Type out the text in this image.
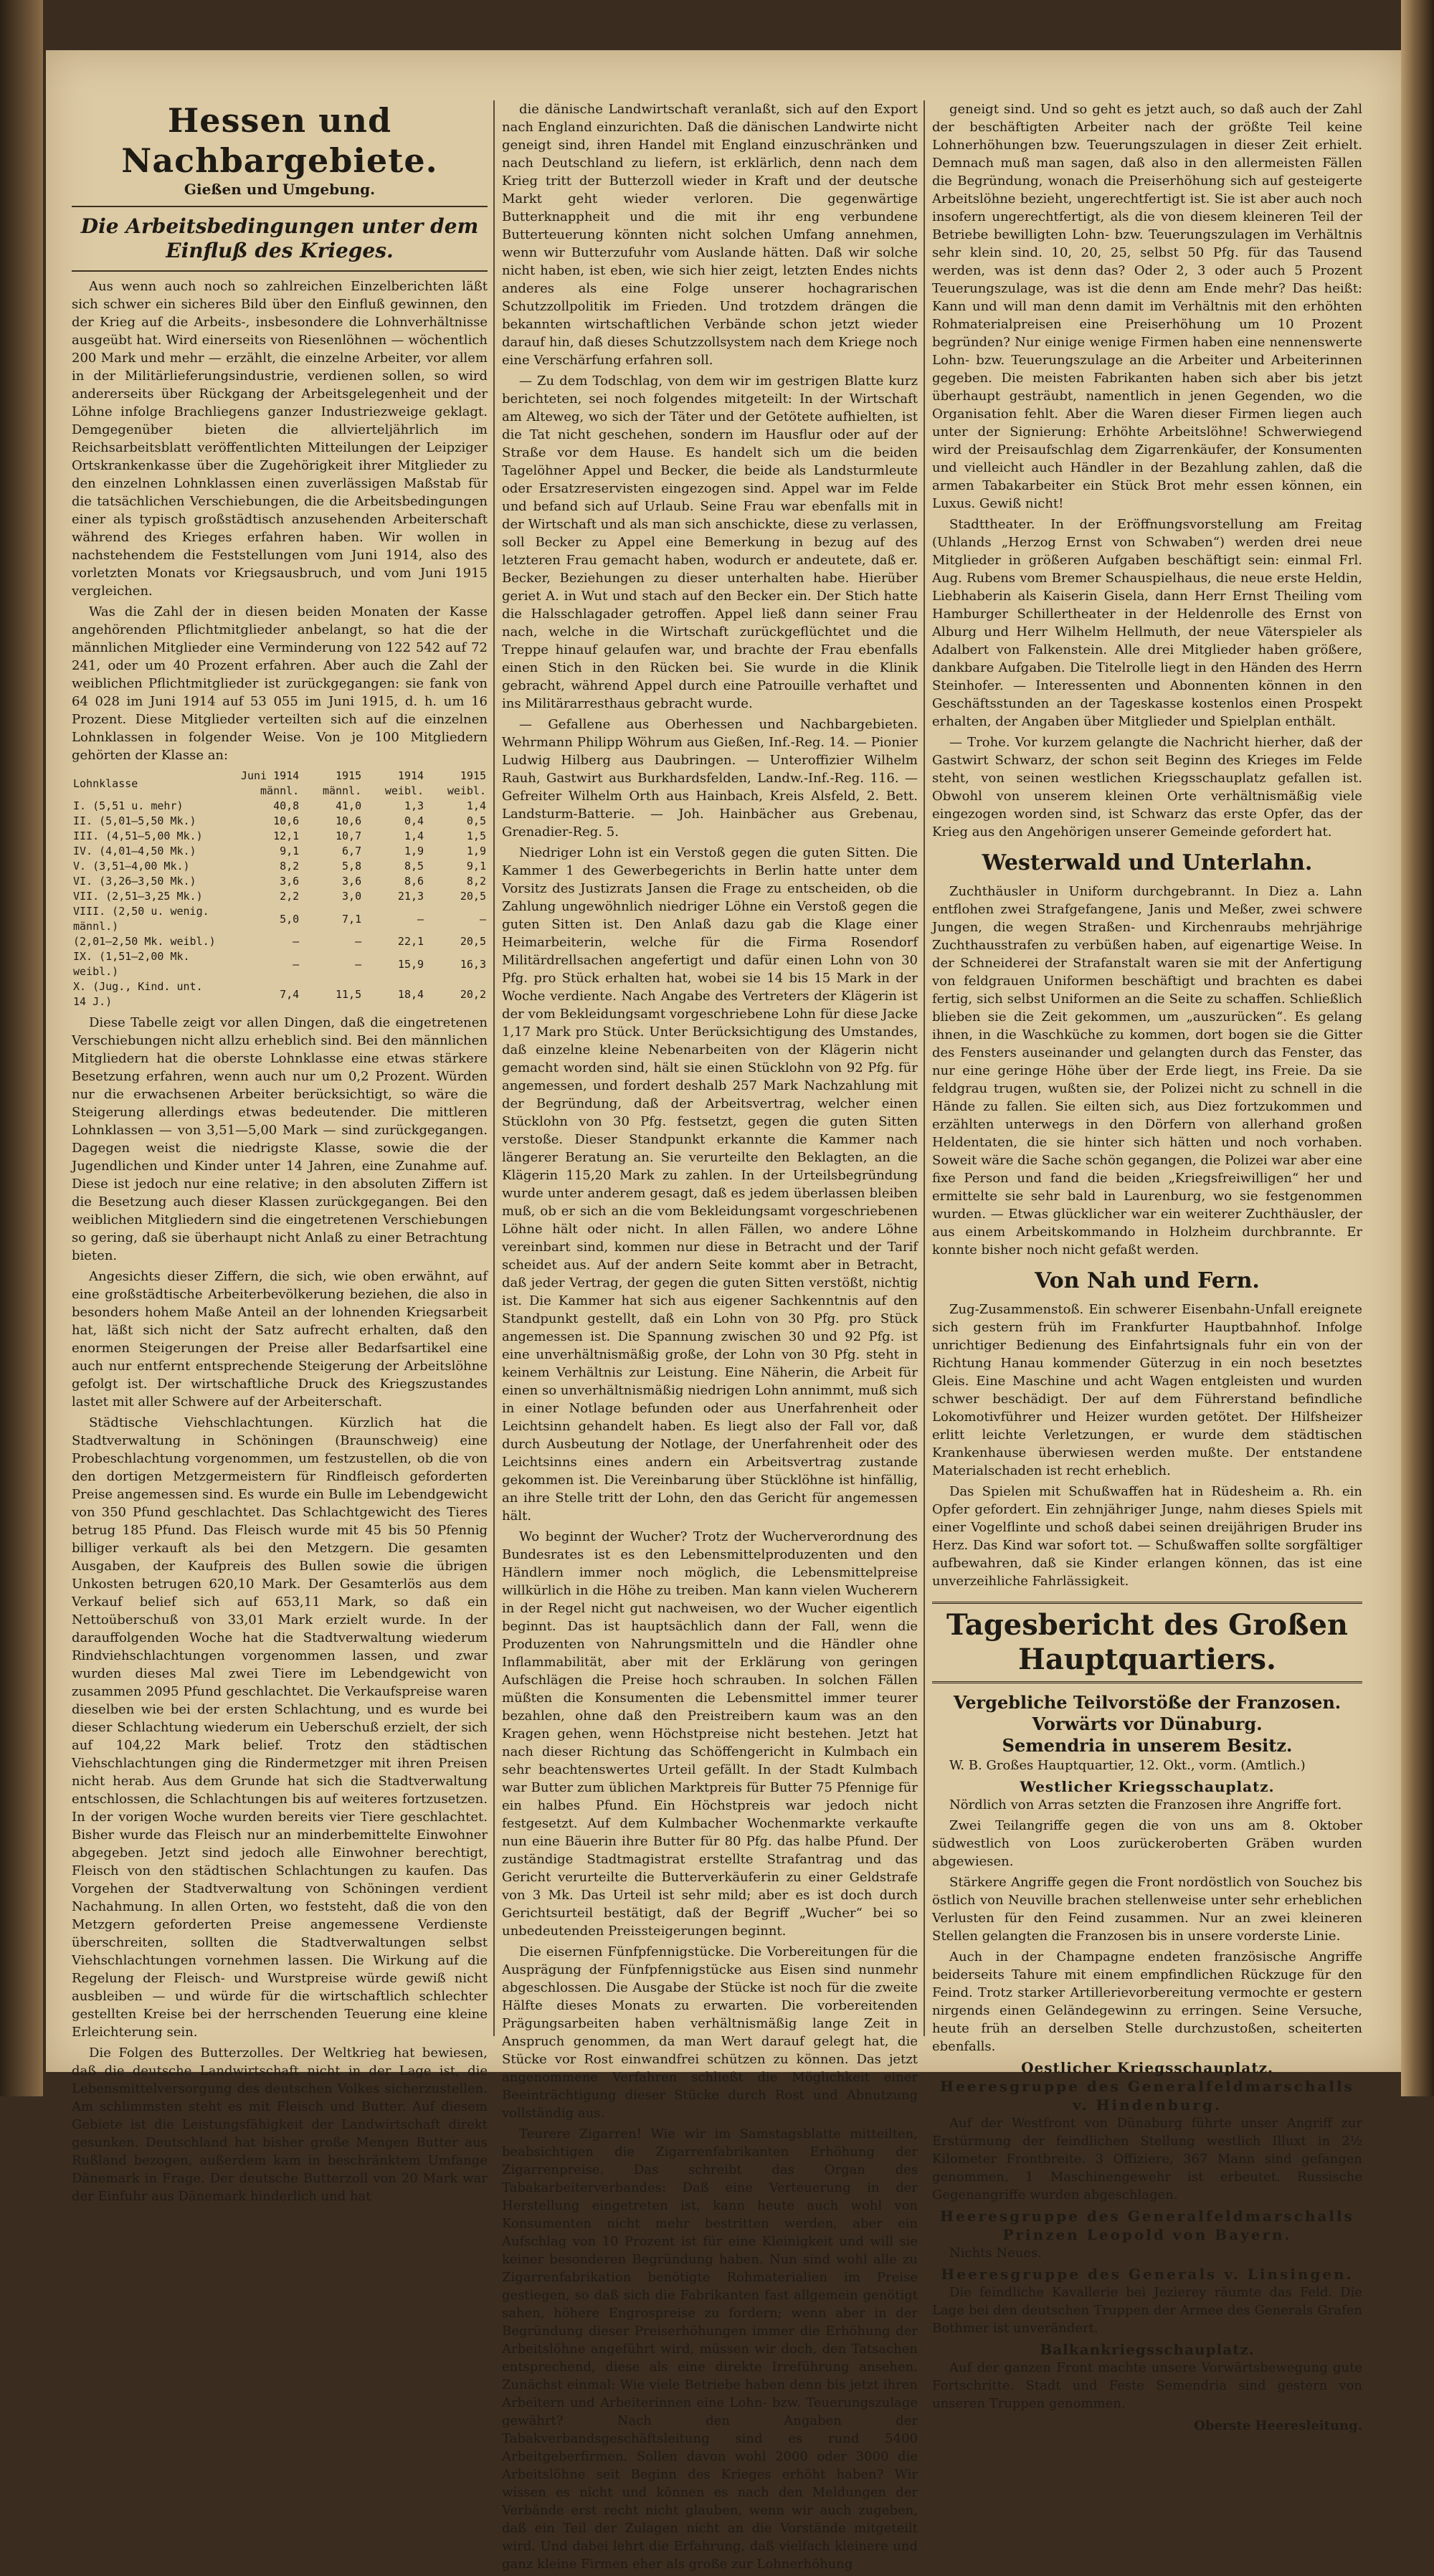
Hessen und Nachbargebiete.
Gießen und Umgebung.
Die Arbeitsbedingungen unter dem Einfluß des Krieges.

Aus wenn auch noch so zahlreichen Einzelberichten läßt sich schwer ein sicheres Bild über den Einfluß gewinnen, den der Krieg auf die Arbeits-, insbesondere die Lohnverhältnisse ausgeübt hat. Wird einerseits von Riesenlöhnen — wöchentlich 200 Mark und mehr — erzählt, die einzelne Arbeiter, vor allem in der Militärlieferungsindustrie, verdienen sollen, so wird andererseits über Rückgang der Arbeitsgelegenheit und der Löhne infolge Brachliegens ganzer Industriezweige geklagt. Demgegenüber bieten die allvierteljährlich im Reichsarbeitsblatt veröffentlichten Mitteilungen der Leipziger Ortskrankenkasse über die Zugehörigkeit ihrer Mitglieder zu den einzelnen Lohnklassen einen zuverlässigen Maßstab für die tatsächlichen Verschiebungen, die die Arbeitsbedingungen einer als typisch großstädtisch anzusehenden Arbeiterschaft während des Krieges erfahren haben. Wir wollen in nachstehendem die Feststellungen vom Juni 1914, also des vorletzten Monats vor Kriegsausbruch, und vom Juni 1915 vergleichen.

Was die Zahl der in diesen beiden Monaten der Kasse angehörenden Pflichtmitglieder anbelangt, so hat die der männlichen Mitglieder eine Verminderung von 122 542 auf 72 241, oder um 40 Prozent erfahren. Aber auch die Zahl der weiblichen Pflichtmitglieder ist zurückgegangen: sie fank von 64 028 im Juni 1914 auf 53 055 im Juni 1915, d. h. um 16 Prozent. Diese Mitglieder verteilten sich auf die einzelnen Lohnklassen in folgender Weise. Von je 100 Mitgliedern gehörten der Klasse an:

Lohnklasse	Juni 1914 männl.	1915 männl.	1914 weibl.	1915 weibl.
I. (5,51 u. mehr)	40,8	41,0	1,3	1,4
II. (5,01—5,50 Mk.)	10,6	10,6	0,4	0,5
III. (4,51—5,00 Mk.)	12,1	10,7	1,4	1,5
IV. (4,01—4,50 Mk.)	9,1	6,7	1,9	1,9
V. (3,51—4,00 Mk.)	8,2	5,8	8,5	9,1
VI. (3,26—3,50 Mk.)	3,6	3,6	8,6	8,2
VII. (2,51—3,25 Mk.)	2,2	3,0	21,3	20,5
VIII. (2,50 u. wenig. männl.)	5,0	7,1	—	—
(2,01—2,50 Mk. weibl.)	—	—	22,1	20,5
IX. (1,51—2,00 Mk. weibl.)	—	—	15,9	16,3
X. (Jug., Kind. unt. 14 J.)	7,4	11,5	18,4	20,2

Diese Tabelle zeigt vor allen Dingen, daß die eingetretenen Verschiebungen nicht allzu erheblich sind. Bei den männlichen Mitgliedern hat die oberste Lohnklasse eine etwas stärkere Besetzung erfahren, wenn auch nur um 0,2 Prozent. Würden nur die erwachsenen Arbeiter berücksichtigt, so wäre die Steigerung allerdings etwas bedeutender. Die mittleren Lohnklassen — von 3,51—5,00 Mark — sind zurückgegangen. Dagegen weist die niedrigste Klasse, sowie die der Jugendlichen und Kinder unter 14 Jahren, eine Zunahme auf. Diese ist jedoch nur eine relative; in den absoluten Ziffern ist die Besetzung auch dieser Klassen zurückgegangen. Bei den weiblichen Mitgliedern sind die eingetretenen Verschiebungen so gering, daß sie überhaupt nicht Anlaß zu einer Betrachtung bieten.

Angesichts dieser Ziffern, die sich, wie oben erwähnt, auf eine großstädtische Arbeiterbevölkerung beziehen, die also in besonders hohem Maße Anteil an der lohnenden Kriegsarbeit hat, läßt sich nicht der Satz aufrecht erhalten, daß den enormen Steigerungen der Preise aller Bedarfsartikel eine auch nur entfernt entsprechende Steigerung der Arbeitslöhne gefolgt ist. Der wirtschaftliche Druck des Kriegszustandes lastet mit aller Schwere auf der Arbeiterschaft.

Städtische Viehschlachtungen. Kürzlich hat die Stadtverwaltung in Schöningen (Braunschweig) eine Probeschlachtung vorgenommen, um festzustellen, ob die von den dortigen Metzgermeistern für Rindfleisch geforderten Preise angemessen sind. Es wurde ein Bulle im Lebendgewicht von 350 Pfund geschlachtet. Das Schlachtgewicht des Tieres betrug 185 Pfund. Das Fleisch wurde mit 45 bis 50 Pfennig billiger verkauft als bei den Metzgern. Die gesamten Ausgaben, der Kaufpreis des Bullen sowie die übrigen Unkosten betrugen 620,10 Mark. Der Gesamterlös aus dem Verkauf belief sich auf 653,11 Mark, so daß ein Nettoüberschuß von 33,01 Mark erzielt wurde. In der darauffolgenden Woche hat die Stadtverwaltung wiederum Rindviehschlachtungen vorgenommen lassen, und zwar wurden dieses Mal zwei Tiere im Lebendgewicht von zusammen 2095 Pfund geschlachtet. Die Verkaufspreise waren dieselben wie bei der ersten Schlachtung, und es wurde bei dieser Schlachtung wiederum ein Ueberschuß erzielt, der sich auf 104,22 Mark belief. Trotz den städtischen Viehschlachtungen ging die Rindermetzger mit ihren Preisen nicht herab. Aus dem Grunde hat sich die Stadtverwaltung entschlossen, die Schlachtungen bis auf weiteres fortzusetzen. In der vorigen Woche wurden bereits vier Tiere geschlachtet. Bisher wurde das Fleisch nur an minderbemittelte Einwohner abgegeben. Jetzt sind jedoch alle Einwohner berechtigt, Fleisch von den städtischen Schlachtungen zu kaufen. Das Vorgehen der Stadtverwaltung von Schöningen verdient Nachahmung. In allen Orten, wo feststeht, daß die von den Metzgern geforderten Preise angemessene Verdienste überschreiten, sollten die Stadtverwaltungen selbst Viehschlachtungen vornehmen lassen. Die Wirkung auf die Regelung der Fleisch- und Wurstpreise würde gewiß nicht ausbleiben — und würde für die wirtschaftlich schlechter gestellten Kreise bei der herrschenden Teuerung eine kleine Erleichterung sein.

Die Folgen des Butterzolles. Der Weltkrieg hat bewiesen, daß die deutsche Landwirtschaft nicht in der Lage ist, die Lebensmittelversorgung des deutschen Volkes sicherzustellen. Am schlimmsten steht es mit Fleisch und Butter. Auf diesem Gebiete ist die Leistungsfähigkeit der Landwirtschaft direkt gesunken. Deutschland hat bisher große Mengen Butter aus Rußland bezogen, außerdem kam in beschränktem Umfange Dänemark in Frage. Der deutsche Butterzoll von 20 Mark war der Einfuhr aus Dänemark hinderlich und hat

die dänische Landwirtschaft veranlaßt, sich auf den Export nach England einzurichten. Daß die dänischen Landwirte nicht geneigt sind, ihren Handel mit England einzuschränken und nach Deutschland zu liefern, ist erklärlich, denn nach dem Krieg tritt der Butterzoll wieder in Kraft und der deutsche Markt geht wieder verloren. Die gegenwärtige Butterknappheit und die mit ihr eng verbundene Butterteuerung könnten nicht solchen Umfang annehmen, wenn wir Butterzufuhr vom Auslande hätten. Daß wir solche nicht haben, ist eben, wie sich hier zeigt, letzten Endes nichts anderes als eine Folge unserer hochagrarischen Schutzzollpolitik im Frieden. Und trotzdem drängen die bekannten wirtschaftlichen Verbände schon jetzt wieder darauf hin, daß dieses Schutzzollsystem nach dem Kriege noch eine Verschärfung erfahren soll.

— Zu dem Todschlag, von dem wir im gestrigen Blatte kurz berichteten, sei noch folgendes mitgeteilt: In der Wirtschaft am Alteweg, wo sich der Täter und der Getötete aufhielten, ist die Tat nicht geschehen, sondern im Hausflur oder auf der Straße vor dem Hause. Es handelt sich um die beiden Tagelöhner Appel und Becker, die beide als Landsturmleute oder Ersatzreservisten eingezogen sind. Appel war im Felde und befand sich auf Urlaub. Seine Frau war ebenfalls mit in der Wirtschaft und als man sich anschickte, diese zu verlassen, soll Becker zu Appel eine Bemerkung in bezug auf des letzteren Frau gemacht haben, wodurch er andeutete, daß er. Becker, Beziehungen zu dieser unterhalten habe. Hierüber geriet A. in Wut und stach auf den Becker ein. Der Stich hatte die Halsschlagader getroffen. Appel ließ dann seiner Frau nach, welche in die Wirtschaft zurückgeflüchtet und die Treppe hinauf gelaufen war, und brachte der Frau ebenfalls einen Stich in den Rücken bei. Sie wurde in die Klinik gebracht, während Appel durch eine Patrouille verhaftet und ins Militärarresthaus gebracht wurde.

— Gefallene aus Oberhessen und Nachbargebieten. Wehrmann Philipp Wöhrum aus Gießen, Inf.-Reg. 14. — Pionier Ludwig Hilberg aus Daubringen. — Unteroffizier Wilhelm Rauh, Gastwirt aus Burkhardsfelden, Landw.-Inf.-Reg. 116. — Gefreiter Wilhelm Orth aus Hainbach, Kreis Alsfeld, 2. Bett. Landsturm-Batterie. — Joh. Hainbächer aus Grebenau, Grenadier-Reg. 5.

Niedriger Lohn ist ein Verstoß gegen die guten Sitten. Die Kammer 1 des Gewerbegerichts in Berlin hatte unter dem Vorsitz des Justizrats Jansen die Frage zu entscheiden, ob die Zahlung ungewöhnlich niedriger Löhne ein Verstoß gegen die guten Sitten ist. Den Anlaß dazu gab die Klage einer Heimarbeiterin, welche für die Firma Rosendorf Militärdrellsachen angefertigt und dafür einen Lohn von 30 Pfg. pro Stück erhalten hat, wobei sie 14 bis 15 Mark in der Woche verdiente. Nach Angabe des Vertreters der Klägerin ist der vom Bekleidungsamt vorgeschriebene Lohn für diese Jacke 1,17 Mark pro Stück. Unter Berücksichtigung des Umstandes, daß einzelne kleine Nebenarbeiten von der Klägerin nicht gemacht worden sind, hält sie einen Stücklohn von 92 Pfg. für angemessen, und fordert deshalb 257 Mark Nachzahlung mit der Begründung, daß der Arbeitsvertrag, welcher einen Stücklohn von 30 Pfg. festsetzt, gegen die guten Sitten verstoße. Dieser Standpunkt erkannte die Kammer nach längerer Beratung an. Sie verurteilte den Beklagten, an die Klägerin 115,20 Mark zu zahlen. In der Urteilsbegründung wurde unter anderem gesagt, daß es jedem überlassen bleiben muß, ob er sich an die vom Bekleidungsamt vorgeschriebenen Löhne hält oder nicht. In allen Fällen, wo andere Löhne vereinbart sind, kommen nur diese in Betracht und der Tarif scheidet aus. Auf der andern Seite kommt aber in Betracht, daß jeder Vertrag, der gegen die guten Sitten verstößt, nichtig ist. Die Kammer hat sich aus eigener Sachkenntnis auf den Standpunkt gestellt, daß ein Lohn von 30 Pfg. pro Stück angemessen ist. Die Spannung zwischen 30 und 92 Pfg. ist eine unverhältnismäßig große, der Lohn von 30 Pfg. steht in keinem Verhältnis zur Leistung. Eine Näherin, die Arbeit für einen so unverhältnismäßig niedrigen Lohn annimmt, muß sich in einer Notlage befunden oder aus Unerfahrenheit oder Leichtsinn gehandelt haben. Es liegt also der Fall vor, daß durch Ausbeutung der Notlage, der Unerfahrenheit oder des Leichtsinns eines andern ein Arbeitsvertrag zustande gekommen ist. Die Vereinbarung über Stücklöhne ist hinfällig, an ihre Stelle tritt der Lohn, den das Gericht für angemessen hält.

Wo beginnt der Wucher? Trotz der Wucherverordnung des Bundesrates ist es den Lebensmittelproduzenten und den Händlern immer noch möglich, die Lebensmittelpreise willkürlich in die Höhe zu treiben. Man kann vielen Wucherern in der Regel nicht gut nachweisen, wo der Wucher eigentlich beginnt. Das ist hauptsächlich dann der Fall, wenn die Produzenten von Nahrungsmitteln und die Händler ohne Inflammabilität, aber mit der Erklärung von geringen Aufschlägen die Preise hoch schrauben. In solchen Fällen müßten die Konsumenten die Lebensmittel immer teurer bezahlen, ohne daß den Preistreibern kaum was an den Kragen gehen, wenn Höchstpreise nicht bestehen. Jetzt hat nach dieser Richtung das Schöffengericht in Kulmbach ein sehr beachtenswertes Urteil gefällt. In der Stadt Kulmbach war Butter zum üblichen Marktpreis für Butter 75 Pfennige für ein halbes Pfund. Ein Höchstpreis war jedoch nicht festgesetzt. Auf dem Kulmbacher Wochenmarkte verkaufte nun eine Bäuerin ihre Butter für 80 Pfg. das halbe Pfund. Der zuständige Stadtmagistrat erstellte Strafantrag und das Gericht verurteilte die Butterverkäuferin zu einer Geldstrafe von 3 Mk. Das Urteil ist sehr mild; aber es ist doch durch Gerichtsurteil bestätigt, daß der Begriff „Wucher“ bei so unbedeutenden Preissteigerungen beginnt.

Die eisernen Fünfpfennigstücke. Die Vorbereitungen für die Ausprägung der Fünfpfennigstücke aus Eisen sind nunmehr abgeschlossen. Die Ausgabe der Stücke ist noch für die zweite Hälfte dieses Monats zu erwarten. Die vorbereitenden Prägungsarbeiten haben verhältnismäßig lange Zeit in Anspruch genommen, da man Wert darauf gelegt hat, die Stücke vor Rost einwandfrei schützen zu können. Das jetzt angenommene Verfahren schließt die Möglichkeit einer Beeinträchtigung dieser Stücke durch Rost und Abnutzung vollständig aus.

Teurere Zigarren! Wie wir im Samstagsblatte mitteilten, beabsichtigen die Zigarrenfabrikanten Erhöhung der Zigarrenpreise. Das schreibt das Organ des Tabakarbeiterverbandes: Daß eine Verteuerung in der Herstellung eingetreten ist, kann heute auch wohl von Konsumenten nicht mehr bestritten werden, aber ein Aufschlag von 10 Prozent ist für eine Kleinigkeit und will sie keiner besonderen Begründung haben. Nun sind wohl alle zu Zigarrenfabrikation benötigte Rohmaterialien im Preise gestiegen, so daß sich die Fabrikanten fast allgemein genötigt sahen, höhere Engrospreise zu fordern; wenn aber in der Begründung dieser Preiserhöhungen immer die Erhöhung der Arbeitslöhne angeführt wird, müssen wir doch, den Tatsachen entsprechend, diese als eine direkte Irreführung ansehen. Zunächst einmal: Wie viele Betriebe haben denn bis jetzt ihren Arbeitern und Arbeiterinnen eine Lohn- bzw. Teuerungszulage gewährt? Nach den Angaben der Tabakverbandsgeschäftsleitung sind es rund 5400 Arbeitgeberfirmen. Sollen davon wohl 2000 oder 3000 die Arbeitslöhne seit Beginn des Krieges erhöht haben? Wir wissen es nicht und können es nach den Meldungen der Verbände erst recht nicht glauben, wenn wir auch zugeben, daß ein Teil der Zulagen nicht an die Vorstände mitgeteilt wird. Und dabei lehrt die Erfahrung, daß vielfach kleinere und ganz kleine Firmen eher als große zur Lohnerhöhung

geneigt sind. Und so geht es jetzt auch, so daß auch der Zahl der beschäftigten Arbeiter nach der größte Teil keine Lohnerhöhungen bzw. Teuerungszulagen in dieser Zeit erhielt. Demnach muß man sagen, daß also in den allermeisten Fällen die Begründung, wonach die Preiserhöhung sich auf gesteigerte Arbeitslöhne bezieht, ungerechtfertigt ist. Sie ist aber auch noch insofern ungerechtfertigt, als die von diesem kleineren Teil der Betriebe bewilligten Lohn- bzw. Teuerungszulagen im Verhältnis sehr klein sind. 10, 20, 25, selbst 50 Pfg. für das Tausend werden, was ist denn das? Oder 2, 3 oder auch 5 Prozent Teuerungszulage, was ist die denn am Ende mehr? Das heißt: Kann und will man denn damit im Verhältnis mit den erhöhten Rohmaterialpreisen eine Preiserhöhung um 10 Prozent begründen? Nur einige wenige Firmen haben eine nennenswerte Lohn- bzw. Teuerungszulage an die Arbeiter und Arbeiterinnen gegeben. Die meisten Fabrikanten haben sich aber bis jetzt überhaupt gesträubt, namentlich in jenen Gegenden, wo die Organisation fehlt. Aber die Waren dieser Firmen liegen auch unter der Signierung: Erhöhte Arbeitslöhne! Schwerwiegend wird der Preisaufschlag dem Zigarrenkäufer, der Konsumenten und vielleicht auch Händler in der Bezahlung zahlen, daß die armen Tabakarbeiter ein Stück Brot mehr essen können, ein Luxus. Gewiß nicht!

Stadttheater. In der Eröffnungsvorstellung am Freitag (Uhlands „Herzog Ernst von Schwaben“) werden drei neue Mitglieder in größeren Aufgaben beschäftigt sein: einmal Frl. Aug. Rubens vom Bremer Schauspielhaus, die neue erste Heldin, Liebhaberin als Kaiserin Gisela, dann Herr Ernst Theiling vom Hamburger Schillertheater in der Heldenrolle des Ernst von Alburg und Herr Wilhelm Hellmuth, der neue Väterspieler als Adalbert von Falkenstein. Alle drei Mitglieder haben größere, dankbare Aufgaben. Die Titelrolle liegt in den Händen des Herrn Steinhofer. — Interessenten und Abonnenten können in den Geschäftsstunden an der Tageskasse kostenlos einen Prospekt erhalten, der Angaben über Mitglieder und Spielplan enthält.

— Trohe. Vor kurzem gelangte die Nachricht hierher, daß der Gastwirt Schwarz, der schon seit Beginn des Krieges im Felde steht, von seinen westlichen Kriegsschauplatz gefallen ist. Obwohl von unserem kleinen Orte verhältnismäßig viele eingezogen worden sind, ist Schwarz das erste Opfer, das der Krieg aus den Angehörigen unserer Gemeinde gefordert hat.

Westerwald und Unterlahn.

Zuchthäusler in Uniform durchgebrannt. In Diez a. Lahn entflohen zwei Strafgefangene, Janis und Meßer, zwei schwere Jungen, die wegen Straßen- und Kirchenraubs mehrjährige Zuchthausstrafen zu verbüßen haben, auf eigenartige Weise. In der Schneiderei der Strafanstalt waren sie mit der Anfertigung von feldgrauen Uniformen beschäftigt und brachten es dabei fertig, sich selbst Uniformen an die Seite zu schaffen. Schließlich blieben sie die Zeit gekommen, um „auszurücken“. Es gelang ihnen, in die Waschküche zu kommen, dort bogen sie die Gitter des Fensters auseinander und gelangten durch das Fenster, das nur eine geringe Höhe über der Erde liegt, ins Freie. Da sie feldgrau trugen, wußten sie, der Polizei nicht zu schnell in die Hände zu fallen. Sie eilten sich, aus Diez fortzukommen und erzählten unterwegs in den Dörfern von allerhand großen Heldentaten, die sie hinter sich hätten und noch vorhaben. Soweit wäre die Sache schön gegangen, die Polizei war aber eine fixe Person und fand die beiden „Kriegsfreiwilligen“ her und ermittelte sie sehr bald in Laurenburg, wo sie festgenommen wurden. — Etwas glücklicher war ein weiterer Zuchthäusler, der aus einem Arbeitskommando in Holzheim durchbrannte. Er konnte bisher noch nicht gefaßt werden.

Von Nah und Fern.

Zug-Zusammenstoß. Ein schwerer Eisenbahn-Unfall ereignete sich gestern früh im Frankfurter Hauptbahnhof. Infolge unrichtiger Bedienung des Einfahrtsignals fuhr ein von der Richtung Hanau kommender Güterzug in ein noch besetztes Gleis. Eine Maschine und acht Wagen entgleisten und wurden schwer beschädigt. Der auf dem Führerstand befindliche Lokomotivführer und Heizer wurden getötet. Der Hilfsheizer erlitt leichte Verletzungen, er wurde dem städtischen Krankenhause überwiesen werden mußte. Der entstandene Materialschaden ist recht erheblich.

Das Spielen mit Schußwaffen hat in Rüdesheim a. Rh. ein Opfer gefordert. Ein zehnjähriger Junge, nahm dieses Spiels mit einer Vogelflinte und schoß dabei seinen dreijährigen Bruder ins Herz. Das Kind war sofort tot. — Schußwaffen sollte sorgfältiger aufbewahren, daß sie Kinder erlangen können, das ist eine unverzeihliche Fahrlässigkeit.

Tagesbericht des Großen Hauptquartiers.
Vergebliche Teilvorstöße der Franzosen.
Vorwärts vor Dünaburg.
Semendria in unserem Besitz.

W. B. Großes Hauptquartier, 12. Okt., vorm. (Amtlich.)

Westlicher Kriegsschauplatz.

Nördlich von Arras setzten die Franzosen ihre Angriffe fort.

Zwei Teilangriffe gegen die von uns am 8. Oktober südwestlich von Loos zurückeroberten Gräben wurden abgewiesen.

Stärkere Angriffe gegen die Front nordöstlich von Souchez bis östlich von Neuville brachen stellenweise unter sehr erheblichen Verlusten für den Feind zusammen. Nur an zwei kleineren Stellen gelangten die Franzosen bis in unsere vorderste Linie.

Auch in der Champagne endeten französische Angriffe beiderseits Tahure mit einem empfindlichen Rückzuge für den Feind. Trotz starker Artillerievorbereitung vermochte er gestern nirgends einen Geländegewinn zu erringen. Seine Versuche, heute früh an derselben Stelle durchzustoßen, scheiterten ebenfalls.

Oestlicher Kriegsschauplatz.
Heeresgruppe des Generalfeldmarschalls v. Hindenburg.

Auf der Westfront von Dünaburg führte unser Angriff zur Erstürmung der feindlichen Stellung westlich Illuxt in 2½ Kilometer Frontbreite. 3 Offiziere, 367 Mann sind gefangen genommen, 1 Maschinengewehr ist erbeutet. Russische Gegenangriffe wurden abgeschlagen.

Heeresgruppe des Generalfeldmarschalls Prinzen Leopold von Bayern.

Nichts Neues.

Heeresgruppe des Generals v. Linsingen.

Die feindliche Kavallerie bei Jezierey räumte das Feld. Die Lage bei den deutschen Truppen der Armee des Generals Grafen Bothmer ist unverändert.

Balkankriegsschauplatz.

Auf der ganzen Front machte unsere Vorwärtsbewegung gute Fortschritte. Stadt und Feste Semendria sind gestern von unseren Truppen genommen.

Oberste Heeresleitung.
